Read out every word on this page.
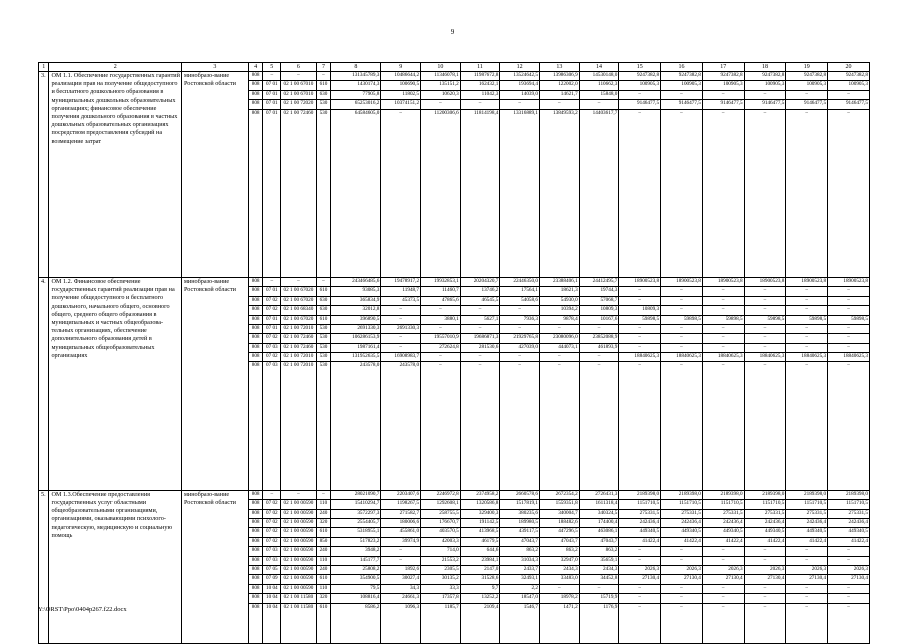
9
1	2	3	4	5	6	7	8	9	10	11	12	13	14	15	16	17	18	19	20
3.	ОМ 1.1. Обеспечение государственных гарантий реализации прав на получение общедоступного и бесплатного дошкольного образования в муниципальных дошкольных образовательных организациях; финансовое обеспечение получения дошкольного образования в частных дошкольных образовательных организациях посредством предоставления субсидий на возмещение затрат	минобразо-вание Ростовской области	808	–	–	–	131345789,3	10486644,2	11346078,1	11987672,8	13524642,5	13986306,9	14530148,0	9247382,8	9247382,8	9247382,8	9247382,8	9247382,8	9247382,8
			808	07 01	02 1 00 67010	610	1430174,3	100690,5	135151,2	162432,1	193694,4	122002,0	110662,3	100905,3	100905,3	100905,3	100905,3	100905,3	100905,3
			808	07 01	02 1 00 67010	630	77905,8	11802,5	10620,3	11042,3	14039,0	14621,7	15848,0	–	–	–	–	–	–
			808	07 01	02 1 00 72020	530	65253016,2	10374151,2	–	–	–	–	–	9146477,5	9146477,5	9146477,5	9146477,5	9146477,5	9146477,5
			808	07 01	02 1 00 72460	530	64584605,0	–	11200306,6	11814198,4	13316889,1	13849593,2	14403617,7	–	–	–	–	–	–
4.	ОМ 1.2. Финансовое обеспечение государственных гарантий реализации прав на получение общедоступного и бесплатного дошкольного, начального общего, основного общего, среднего общего образования в муниципальных и частных общеобразова-тельных организациях, обеспечение дополнительного образования детей в муниципальных общеобразовательных организациях	минобразо-вание Ростовской области	808	–	–	–	243466485,6	19478917,2	19932853,1	20204320,7	22446350,0	23388406,1	24412495,7	18900523,8	18900523,8	18900523,8	18900523,8	18900523,8	18900523,8
			808	07 01	02 1 00 67020	610	93085,3	11948,7	11460,7	13746,2	17564,1	18621,3	19744,3	–	–	–	–	–	–
			808	07 02	02 1 00 67020	630	365834,9	45373,5	47865,6	46545,5	54058,6	54930,0	57068,7	–	–	–	–	–	–
			808	07 02	02 1 00 68340	630	32012,8	–	–	–	–	10394,2	10809,3	10809,3	–	–	–	–	–
			808	07 01	02 1 00 67020	610	396890,5	–	3880,1	5627,1	7936,3	9878,4	10167,6	59898,5	59898,5	59898,5	59898,5	59898,5	59898,5
			808	07 01	02 1 00 72010	530	2691330,3	2691330,3	–	–	–	–	–	–	–	–	–	–	–
			808	07 02	02 1 00 72460	530	106286153,9	–	19557010,9	19686871,3	21929765,8	23080096,0	23852088,9	–	–	–	–	–	–
			808	07 03	02 1 00 72460	530	1987161,4	–	272624,8	281530,6	427039,0	444073,1	461893,9	–	–	–	–	–	–
			808	07 02	02 1 00 72010	530	131952635,5	16908983,7	–	–	–	–	–	18840625,3	18840625,3	18840625,3	18840625,3	18840625,3	18840625,3
			808	07 03	02 1 00 72010	530	243578,0	243578,0	–	–	–	–	–	–	–	–	–	–	–
5.	ОМ 1.3.Обеспечение предоставления государственных услуг областными общеобразовательными организациями, организациями, оказывающими психолого-педагогическую, медицинскую и социальную помощь	минобразо-вание Ростовской области	808	–	–	–	28021090,7	2203407,6	2246972,8	2374958,2	2660578,6	2672354,2	2726431,3	2189398,0	2189398,0	2189398,0	2189398,0	2189398,0	2189398,0
			808	07 02	02 1 00 00590	110	15410294,7	1198267,5	1292608,1	1320586,8	1517819,1	1559351,8	1611318,4	1151710,5	1151710,5	1151710,5	1151710,5	1151710,5	1151710,5
			808	07 02	02 1 00 00590	240	3572297,3	271582,7	258755,5	329400,3	380235,6	340004,7	340324,5	275331,5	275331,5	275331,5	275331,5	275331,5	275331,5
			808	07 02	02 1 00 00590	320	2554405,7	180006,6	176670,7	191142,5	189980,5	188482,6	174400,4	242436,4	242436,4	242436,4	242436,4	242436,4	242436,4
			808	07 02	02 1 00 00590	610	5318955,1	455861,0	403570,5	413968,5	439117,5	447296,5	463086,1	449340,5	449340,5	449340,5	449340,5	449340,5	449340,5
			808	07 02	02 1 00 00590	850	517823,2	39974,9	42003,3	46179,5	47043,7	47043,7	47043,7	41422,4	41422,4	41422,4	41422,4	41422,4	41422,4
			808	07 03	02 1 00 00590	240	3948,2	–	714,0	644,6	863,2	863,2	863,2	–	–	–	–	–	–
			808	07 03	02 1 00 00590	110	145177,7	–	21553,2	23984,1	31034,3	32947,0	35659,1	–	–	–	–	–	–
			808	07 05	02 1 00 00590	240	25808,2	1892,6	2305,5	2147,0	2433,7	2434,3	2434,3	2026,3	2026,3	2026,3	2026,3	2026,3	2026,3
			808	07 09	02 1 00 00590	610	354900,5	30027,4	30135,2	31528,6	32493,1	33483,0	34452,8	27130,4	27130,4	27130,4	27130,4	27130,4	27130,4
			808	10 04	02 1 00 00590	110	79,5	34,3	33,3	9,7	2,2	–	–	–	–	–	–	–	–
			808	10 04	02 1 00 11580	320	108816,4	24661,3	17357,8	13252,2	18547,0	18978,2	15719,9	–	–	–	–	–	–
			808	10 04	02 1 00 11580	610	8586,2	1096,3	1185,7	2109,4	1546,7	1471,2	1176,9	–	–	–	–	–	–
Y:\ORST\Ppo\0404p267.f22.docx
